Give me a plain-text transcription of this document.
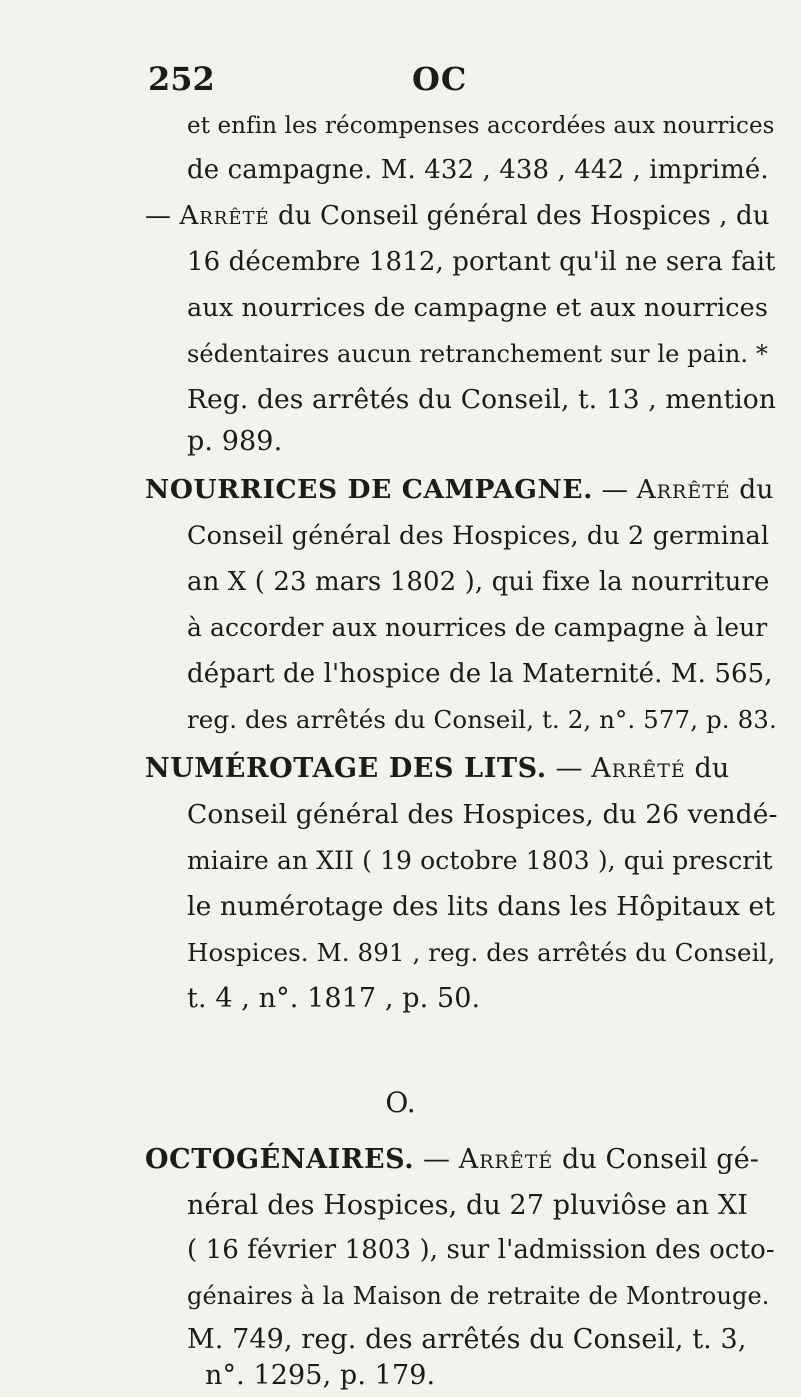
252	OC
et enfin les récompenses accordées aux nourrices
de campagne. M. 432 , 438 , 442 , imprimé.
— Arrêté du Conseil général des Hospices , du
16 décembre 1812, portant qu'il ne sera fait
aux nourrices de campagne et aux nourrices
sédentaires aucun retranchement sur le pain. *
Reg. des arrêtés du Conseil, t. 13 , mention
p. 989.
NOURRICES DE CAMPAGNE. — Arrêté du
Conseil général des Hospices, du 2 germinal
an X ( 23 mars 1802 ), qui fixe la nourriture
à accorder aux nourrices de campagne à leur
départ de l'hospice de la Maternité. M. 565,
reg. des arrêtés du Conseil, t. 2, n°. 577, p. 83.
NUMÉROTAGE DES LITS. — Arrêté du
Conseil général des Hospices, du 26 vendé-
miaire an XII ( 19 octobre 1803 ), qui prescrit
le numérotage des lits dans les Hôpitaux et
Hospices. M. 891 , reg. des arrêtés du Conseil,
t. 4 , n°. 1817 , p. 50.
O.
OCTOGÉNAIRES. — Arrêté du Conseil gé-
néral des Hospices, du 27 pluviôse an XI
( 16 février 1803 ), sur l'admission des octo-
génaires à la Maison de retraite de Montrouge.
M. 749, reg. des arrêtés du Conseil, t. 3,
n°. 1295, p. 179.
